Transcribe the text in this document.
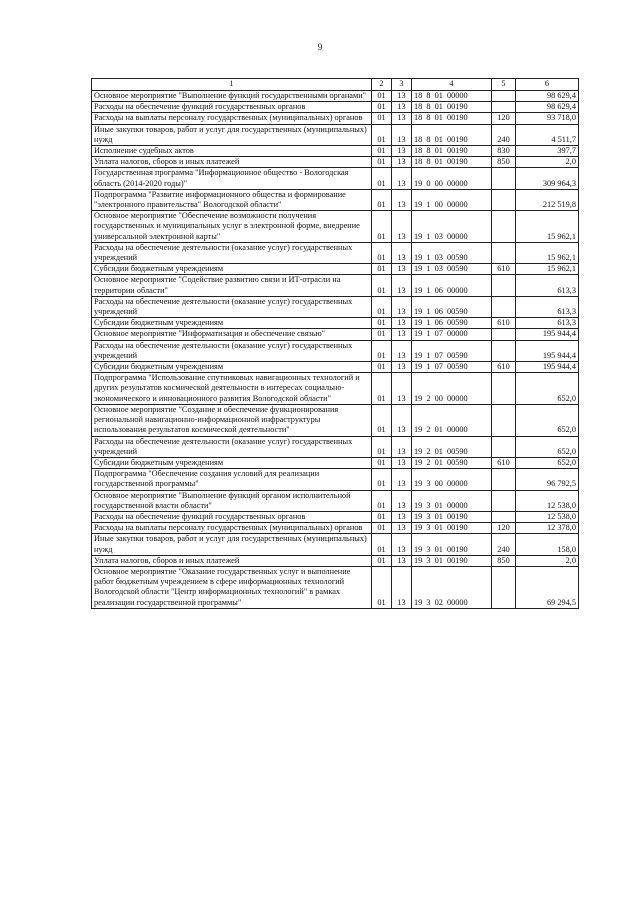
9
1	2	3	4	5	6
Основное мероприятие "Выполнение функций государственными органами"	01	13	18 8 01 00000		98 629,4
Расходы на обеспечение функций государственных органов	01	13	18 8 01 00190		98 629,4
Расходы на выплаты персоналу государственных (муниципальных) органов	01	13	18 8 01 00190	120	93 718,0
Иные закупки товаров, работ и услуг для государственных (муниципальных) нужд	01	13	18 8 01 00190	240	4 511,7
Исполнение судебных актов	01	13	18 8 01 00190	830	397,7
Уплата налогов, сборов и иных платежей	01	13	18 8 01 00190	850	2,0
Государственная программа "Информационное общество - Вологодская область (2014-2020 годы)"	01	13	19 0 00 00000		309 964,3
Подпрограмма "Развитие информационного общества и формирование "электронного правительства" Вологодской области"	01	13	19 1 00 00000		212 519,8
Основное мероприятие "Обеспечение возможности получения государственных и муниципальных услуг в электронной форме, внедрение универсальной электронной карты"	01	13	19 1 03 00000		15 962,1
Расходы на обеспечение деятельности (оказание услуг) государственных учреждений	01	13	19 1 03 00590		15 962,1
Субсидии бюджетным учреждениям	01	13	19 1 03 00590	610	15 962,1
Основное мероприятие "Содействие развитию связи и ИТ-отрасли на территории области"	01	13	19 1 06 00000		613,3
Расходы на обеспечение деятельности (оказание услуг) государственных учреждений	01	13	19 1 06 00590		613,3
Субсидии бюджетным учреждениям	01	13	19 1 06 00590	610	613,3
Основное мероприятие "Информатизация и обеспечение связью"	01	13	19 1 07 00000		195 944,4
Расходы на обеспечение деятельности (оказание услуг) государственных учреждений	01	13	19 1 07 00590		195 944,4
Субсидии бюджетным учреждениям	01	13	19 1 07 00590	610	195 944,4
Подпрограмма "Использование спутниковых навигационных технологий и других результатов космической деятельности в интересах социально-экономического и инновационного развития Вологодской области"	01	13	19 2 00 00000		652,0
Основное мероприятие "Создание и обеспечение функционирования региональной навигационно-информационной инфраструктуры использования результатов космической деятельности"	01	13	19 2 01 00000		652,0
Расходы на обеспечение деятельности (оказание услуг) государственных учреждений	01	13	19 2 01 00590		652,0
Субсидии бюджетным учреждениям	01	13	19 2 01 00590	610	652,0
Подпрограмма "Обеспечение создания условий для реализации государственной программы"	01	13	19 3 00 00000		96 792,5
Основное мероприятие "Выполнение функций органом исполнительной государственной власти области"	01	13	19 3 01 00000		12 538,0
Расходы на обеспечение функций государственных органов	01	13	19 3 01 00190		12 538,0
Расходы на выплаты персоналу государственных (муниципальных) органов	01	13	19 3 01 00190	120	12 378,0
Иные закупки товаров, работ и услуг для государственных (муниципальных) нужд	01	13	19 3 01 00190	240	158,0
Уплата налогов, сборов и иных платежей	01	13	19 3 01 00190	850	2,0
Основное мероприятие "Оказание государственных услуг и выполнение работ бюджетным учреждением в сфере информационных технологий Вологодской области "Центр информационных технологий" в рамках реализации государственной программы"	01	13	19 3 02 00000		69 294,5
